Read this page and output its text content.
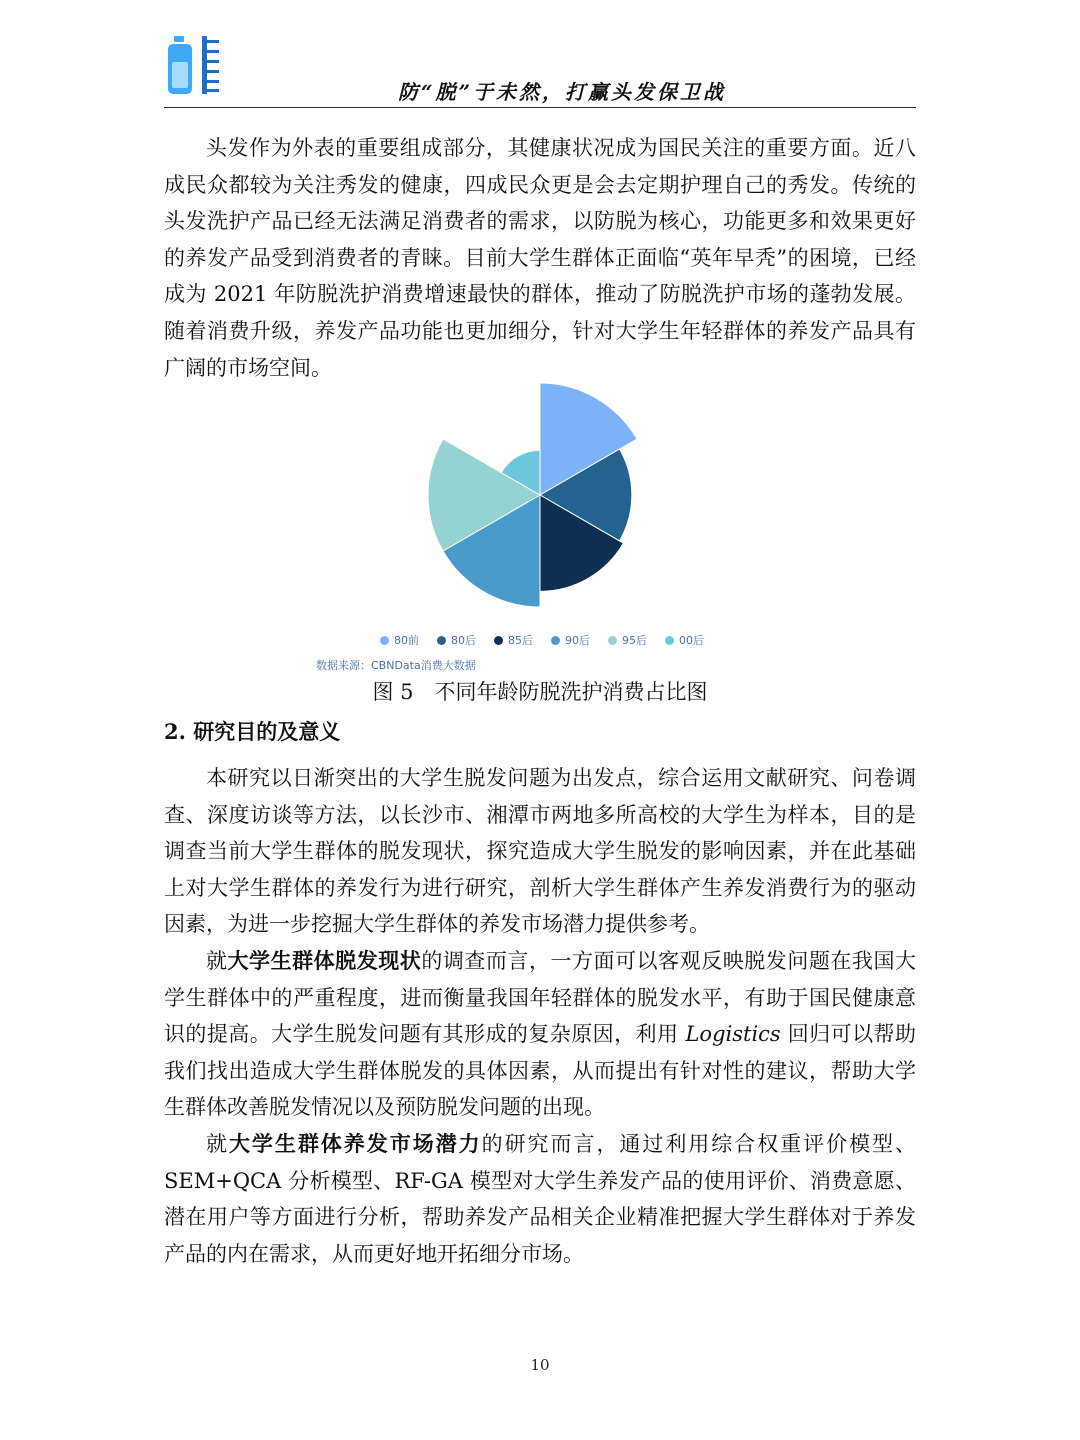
防“脱”于未然，打赢头发保卫战

头发作为外表的重要组成部分，其健康状况成为国民关注的重要方面。近八成民众都较为关注秀发的健康，四成民众更是会去定期护理自己的秀发。传统的头发洗护产品已经无法满足消费者的需求，以防脱为核心，功能更多和效果更好的养发产品受到消费者的青睐。目前大学生群体正面临“英年早秃”的困境，已经成为 2021 年防脱洗护消费增速最快的群体，推动了防脱洗护市场的蓬勃发展。随着消费升级，养发产品功能也更加细分，针对大学生年轻群体的养发产品具有广阔的市场空间。

80前	80后	85后	90后	95后	00后
数据来源：CBNData消费大数据
图 5　不同年龄防脱洗护消费占比图
2. 研究目的及意义

本研究以日渐突出的大学生脱发问题为出发点，综合运用文献研究、问卷调查、深度访谈等方法，以长沙市、湘潭市两地多所高校的大学生为样本，目的是调查当前大学生群体的脱发现状，探究造成大学生脱发的影响因素，并在此基础上对大学生群体的养发行为进行研究，剖析大学生群体产生养发消费行为的驱动因素，为进一步挖掘大学生群体的养发市场潜力提供参考。

就大学生群体脱发现状的调查而言，一方面可以客观反映脱发问题在我国大学生群体中的严重程度，进而衡量我国年轻群体的脱发水平，有助于国民健康意识的提高。大学生脱发问题有其形成的复杂原因，利用 Logistics 回归可以帮助我们找出造成大学生群体脱发的具体因素，从而提出有针对性的建议，帮助大学生群体改善脱发情况以及预防脱发问题的出现。

就大学生群体养发市场潜力的研究而言，通过利用综合权重评价模型、SEM+QCA 分析模型、RF-GA 模型对大学生养发产品的使用评价、消费意愿、潜在用户等方面进行分析，帮助养发产品相关企业精准把握大学生群体对于养发产品的内在需求，从而更好地开拓细分市场。

10
